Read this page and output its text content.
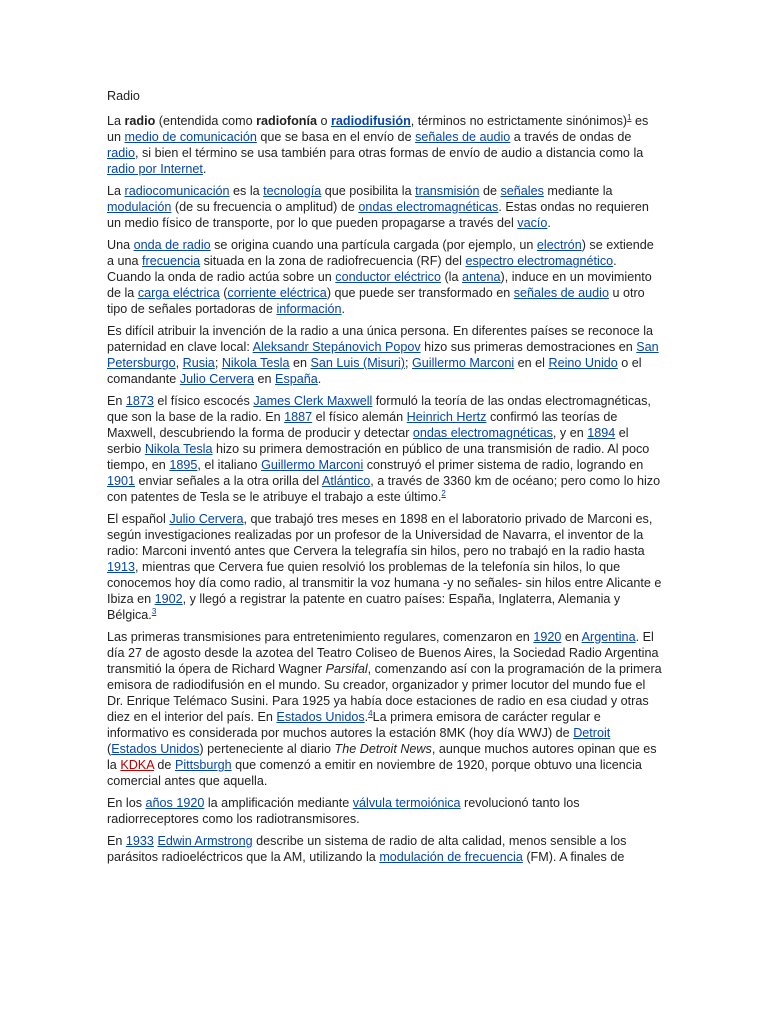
Radio

La radio (entendida como radiofonía o radiodifusión, términos no estrictamente sinónimos)$^1$ es un medio de comunicación que se basa en el envío de señales de audio a través de ondas de radio, si bien el término se usa también para otras formas de envío de audio a distancia como la radio por Internet.

La radiocomunicación es la tecnología que posibilita la transmisión de señales mediante la modulación (de su frecuencia o amplitud) de ondas electromagnéticas. Estas ondas no requieren un medio físico de transporte, por lo que pueden propagarse a través del vacío.

Una onda de radio se origina cuando una partícula cargada (por ejemplo, un electrón) se extiende a una frecuencia situada en la zona de radiofrecuencia (RF) del espectro electromagnético. Cuando la onda de radio actúa sobre un conductor eléctrico (la antena), induce en un movimiento de la carga eléctrica (corriente eléctrica) que puede ser transformado en señales de audio u otro tipo de señales portadoras de información.

Es difícil atribuir la invención de la radio a una única persona. En diferentes países se reconoce la paternidad en clave local: Aleksandr Stepánovich Popov hizo sus primeras demostraciones en San Petersburgo, Rusia; Nikola Tesla en San Luis (Misuri); Guillermo Marconi en el Reino Unido o el comandante Julio Cervera en España.

En 1873 el físico escocés James Clerk Maxwell formuló la teoría de las ondas electromagnéticas, que son la base de la radio. En 1887 el físico alemán Heinrich Hertz confirmó las teorías de Maxwell, descubriendo la forma de producir y detectar ondas electromagnéticas, y en 1894 el serbio Nikola Tesla hizo su primera demostración en público de una transmisión de radio. Al poco tiempo, en 1895, el italiano Guillermo Marconi construyó el primer sistema de radio, logrando en 1901 enviar señales a la otra orilla del Atlántico, a través de 3360 km de océano; pero como lo hizo con patentes de Tesla se le atribuye el trabajo a este último.$^2$

El español Julio Cervera, que trabajó tres meses en 1898 en el laboratorio privado de Marconi es, según investigaciones realizadas por un profesor de la Universidad de Navarra, el inventor de la radio: Marconi inventó antes que Cervera la telegrafía sin hilos, pero no trabajó en la radio hasta 1913, mientras que Cervera fue quien resolvió los problemas de la telefonía sin hilos, lo que conocemos hoy día como radio, al transmitir la voz humana -y no señales- sin hilos entre Alicante e Ibiza en 1902, y llegó a registrar la patente en cuatro países: España, Inglaterra, Alemania y Bélgica.$^3$

Las primeras transmisiones para entretenimiento regulares, comenzaron en 1920 en Argentina. El día 27 de agosto desde la azotea del Teatro Coliseo de Buenos Aires, la Sociedad Radio Argentina transmitió la ópera de Richard Wagner Parsifal, comenzando así con la programación de la primera emisora de radiodifusión en el mundo. Su creador, organizador y primer locutor del mundo fue el Dr. Enrique Telémaco Susini. Para 1925 ya había doce estaciones de radio en esa ciudad y otras diez en el interior del país. En Estados Unidos.$^4$La primera emisora de carácter regular e informativo es considerada por muchos autores la estación 8MK (hoy día WWJ) de Detroit (Estados Unidos) perteneciente al diario The Detroit News, aunque muchos autores opinan que es la KDKA de Pittsburgh que comenzó a emitir en noviembre de 1920, porque obtuvo una licencia comercial antes que aquella.

En los años 1920 la amplificación mediante válvula termoiónica revolucionó tanto los radiorreceptores como los radiotransmisores.

En 1933 Edwin Armstrong describe un sistema de radio de alta calidad, menos sensible a los parásitos radioeléctricos que la AM, utilizando la modulación de frecuencia (FM). A finales de
